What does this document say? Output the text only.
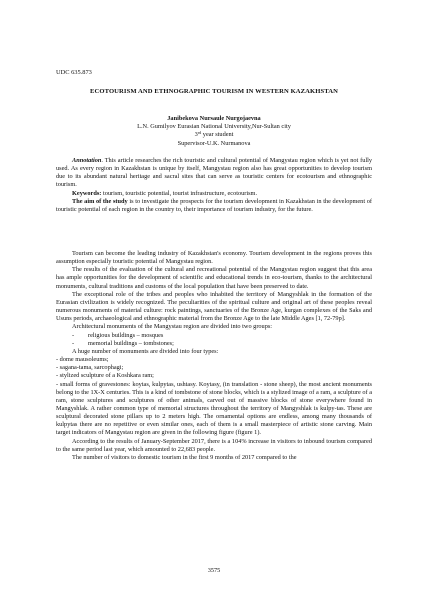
UDC 635.873
ECOTOURISM AND ETHNOGRAPHIC TOURISM IN WESTERN KAZAKHSTAN
Janibekova Nursaule Nurgojaevna
L.N. Gumilyov Eurasian National University,Nur-Sultan city
3rd year student
Supervisor-U.K. Nurmanova

Annotation. This article researches the rich touristic and cultural potential of Mangystau region which is yet not fully used. As every region in Kazakhstan is unique by itself, Mangystau region also has great opportunities to develop tourism due to its abundant natural heritage and sacral sites that can serve as touristic centers for ecotourism and ethnographic tourism.

Keywords: tourism, touristic potential, tourist infrastructure, ecotourism.

The aim of the study is to investigate the prospects for the tourism development in Kazakhstan in the development of touristic potential of each region in the country to, their importance of tourism industry, for the future.

Tourism can become the leading industry of Kazakhstan's economy. Tourism development in the regions proves this assumption especially touristic potential of Mangystau region.

The results of the evaluation of the cultural and recreational potential of the Mangystau region suggest that this area has ample opportunities for the development of scientific and educational trends in eco-tourism, thanks to the architectural monuments, cultural traditions and customs of the local population that have been preserved to date.

The exceptional role of the tribes and peoples who inhabited the territory of Mangyshlak in the formation of the Eurasian civilization is widely recognized. The peculiarities of the spiritual culture and original art of these peoples reveal numerous monuments of material culture: rock paintings, sanctuaries of the Bronze Age, kurgan complexes of the Saks and Usuns periods, archaeological and ethnographic material from the Bronze Age to the late Middle Ages [1, 72-79p].

Architectural monuments of the Mangystau region are divided into two groups:

- religious buildings – mosques

- memorial buildings – tombstones;

A huge number of monuments are divided into four types:

- dome mausoleums;

- sagana-tama, sarcophagi;

- stylized sculpture of a Koshkara ram;

- small forms of gravestones: koytas, kulpytas, ushtasy. Koytasy, (in translation - stone sheep), the most ancient monuments belong to the 1X-X centuries. This is a kind of tombstone of stone blocks, which is a stylized image of a ram, a sculpture of a ram, stone sculptures and sculptures of other animals, carved out of massive blocks of stone everywhere found in Mangyshlak. A rather common type of memorial structures throughout the territory of Mangyshlak is kulpy-tas. These are sculptural decorated stone pillars up to 2 meters high. The ornamental options are endless, among many thousands of kulpytas there are no repetitive or even similar ones, each of them is a small masterpiece of artistic stone carving. Main target indicators of Mangystau region are given in the following figure (figure 1).

According to the results of January-September 2017, there is a 104% increase in visitors to inbound tourism compared to the same period last year, which amounted to 22,683 people.

The number of visitors to domestic tourism in the first 9 months of 2017 compared to the

3575
